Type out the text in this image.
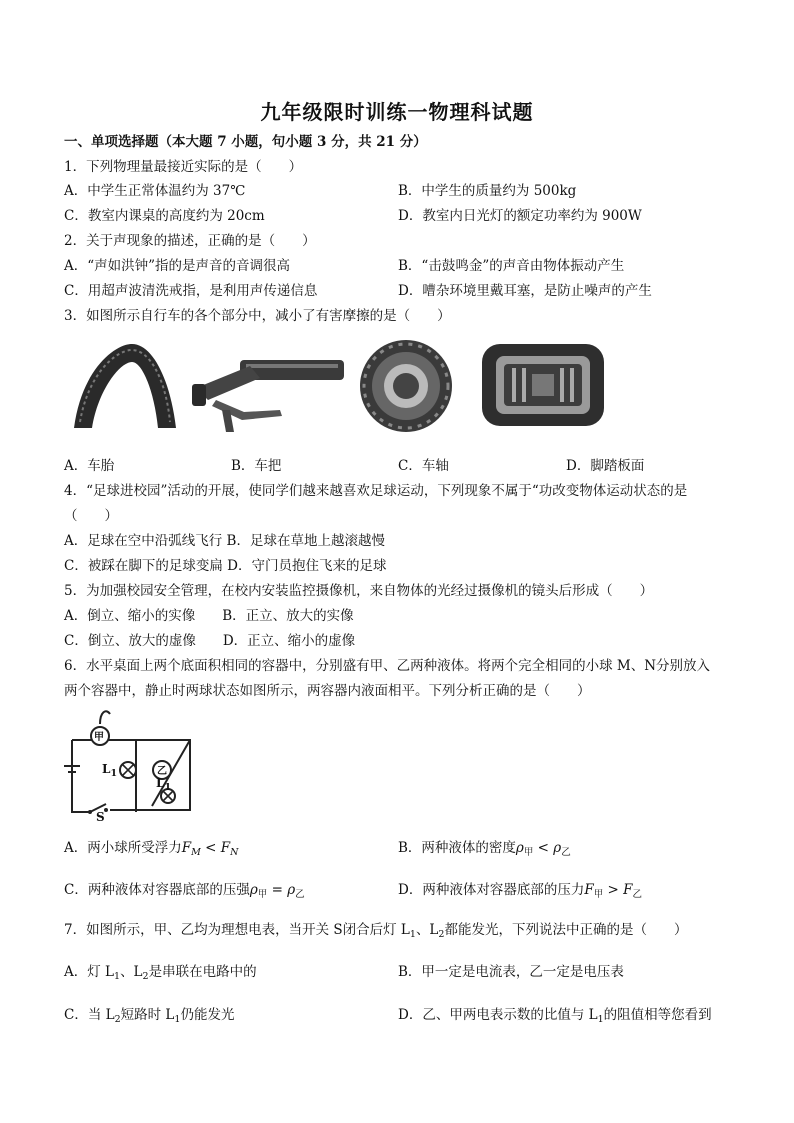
九年级限时训练一物理科试题
一、单项选择题（本大题 7 小题，句小题 3 分，共 21 分）
1．下列物理量最接近实际的是（　　）
A．中学生正常体温约为 37℃	B．中学生的质量约为 500kg
C．教室内课桌的高度约为 20cm	D．教室内日光灯的额定功率约为 900W
2．关于声现象的描述，正确的是（　　）
A．“声如洪钟”指的是声音的音调很高	B．“击鼓鸣金”的声音由物体振动产生
C．用超声波清洗戒指，是利用声传递信息	D．嘈杂环境里戴耳塞，是防止噪声的产生
3．如图所示自行车的各个部分中，减小了有害摩擦的是（　　）
A．车胎	B．车把	C．车轴	D．脚踏板面
4．“足球进校园”活动的开展，使同学们越来越喜欢足球运动，下列现象不属于“功改变物体运动状态的是
（　　）
A．足球在空中沿弧线飞行 B．足球在草地上越滚越慢
C．被踩在脚下的足球变扁 D．守门员抱住飞来的足球
5．为加强校园安全管理，在校内安装监控摄像机，来自物体的光经过摄像机的镜头后形成（　　）
A．倒立、缩小的实像　　B．正立、放大的实像
C．倒立、放大的虚像　　D．正立、缩小的虚像
6．水平桌面上两个底面积相同的容器中，分别盛有甲、乙两种液体。将两个完全相同的小球 M、N分别放入
两个容器中，静止时两球状态如图所示，两容器内液面相平。下列分析正确的是（　　）
甲
乙
$L_1$
$L_1$
S
A．两小球所受浮力$F_M < F_N$	B．两种液体的密度$\rho_甲 < \rho_乙$
C．两种液体对容器底部的压强$\rho_甲 = \rho_乙$	D．两种液体对容器底部的压力$F_甲 > F_乙$
7．如图所示，甲、乙均为理想电表，当开关 S闭合后灯 $L_1$、$L_2$都能发光，下列说法中正确的是（　　）
A．灯 $L_1$、$L_2$是串联在电路中的	B．甲一定是电流表，乙一定是电压表
C．当 $L_2$短路时 $L_1$仍能发光	D．乙、甲两电表示数的比值与 $L_1$的阻值相等您看到
